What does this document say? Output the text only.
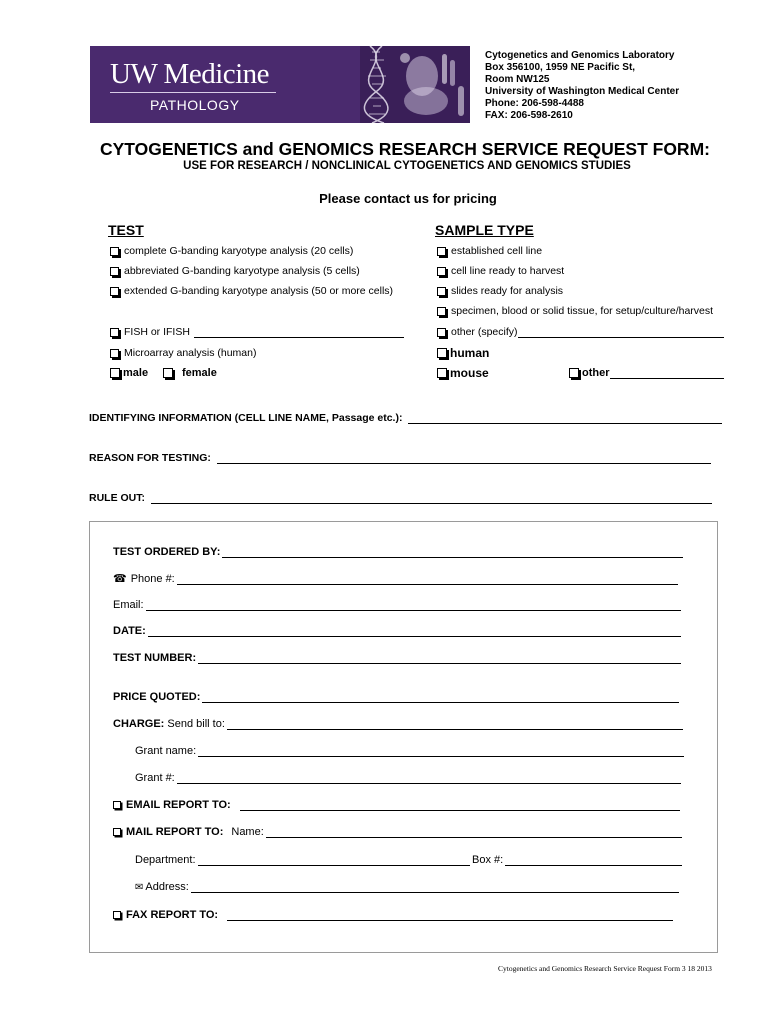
UW Medicine
PATHOLOGY
Cytogenetics and Genomics Laboratory
Box 356100, 1959 NE Pacific St,
Room NW125
University of Washington Medical Center
Phone: 206-598-4488
FAX: 206-598-2610
CYTOGENETICS and GENOMICS RESEARCH SERVICE REQUEST FORM:
USE FOR RESEARCH / NONCLINICAL CYTOGENETICS AND GENOMICS STUDIES
Please contact us for pricing
TEST
complete G-banding karyotype analysis (20 cells)
abbreviated G-banding karyotype analysis (5 cells)
extended G-banding karyotype analysis (50 or more cells)
FISH or IFISH
Microarray analysis (human)
male	female
SAMPLE TYPE
established cell line
cell line ready to harvest
slides ready for analysis
specimen, blood or solid tissue, for setup/culture/harvest
other (specify)
human
mouse	other
IDENTIFYING INFORMATION (CELL LINE NAME, Passage etc.):
REASON FOR TESTING:
RULE OUT:
TEST ORDERED BY:
☎ Phone #:
Email:
DATE:
TEST NUMBER:
PRICE QUOTED:
CHARGE: Send bill to:
Grant name:
Grant #:
EMAIL REPORT TO:
MAIL REPORT TO: Name:
Department:	Box #:
✉ Address:
FAX REPORT TO:
Cytogenetics and Genomics Research Service Request Form 3 18 2013
